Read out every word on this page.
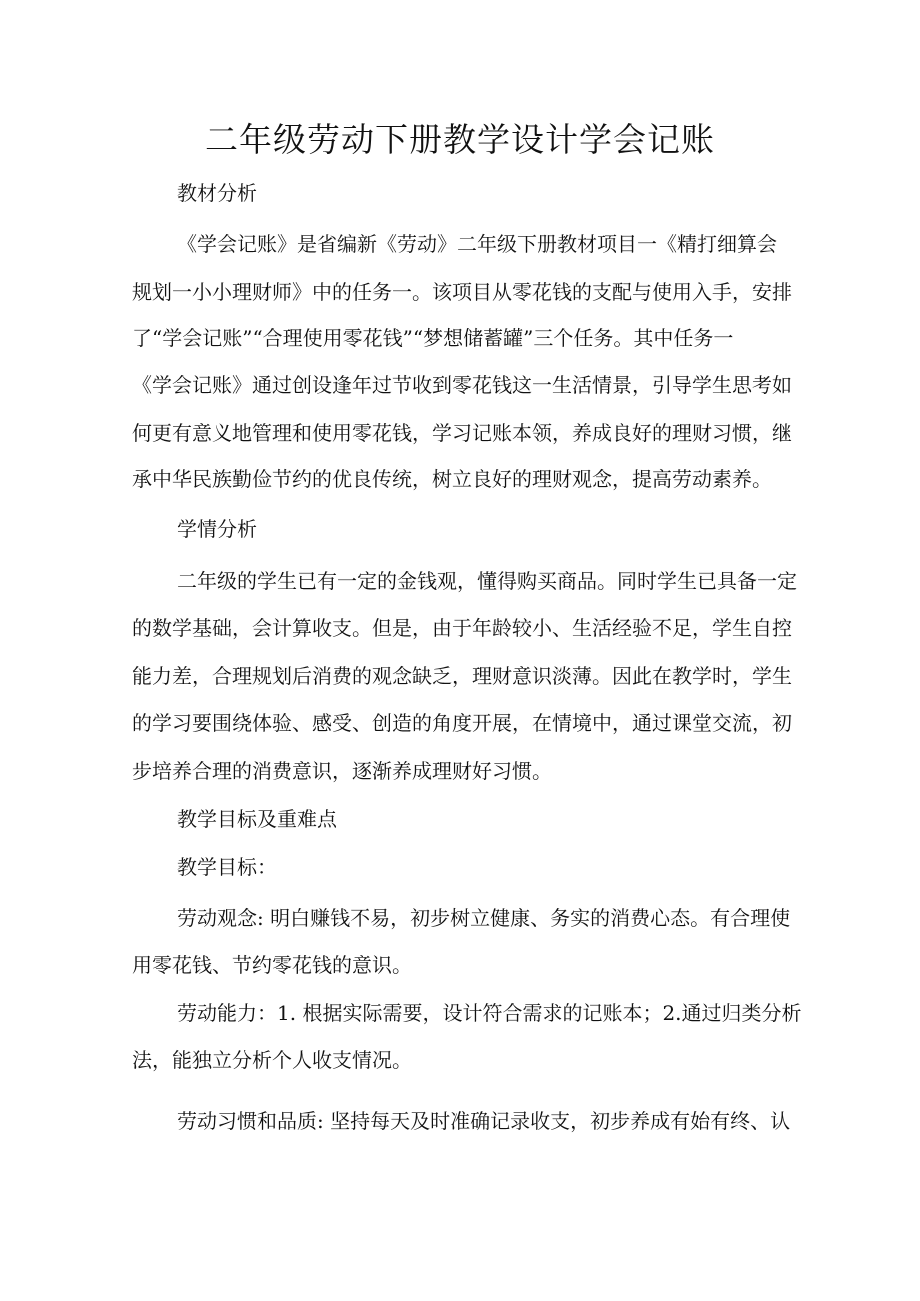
二年级劳动下册教学设计学会记账

教材分析

《学会记账》是省编新《劳动》二年级下册教材项目一《精打细算会

规划一小小理财师》中的任务一。该项目从零花钱的支配与使用入手，安排

了“学会记账”“合理使用零花钱”“梦想储蓄罐”三个任务。其中任务一

《学会记账》通过创设逢年过节收到零花钱这一生活情景，引导学生思考如

何更有意义地管理和使用零花钱，学习记账本领，养成良好的理财习惯，继

承中华民族勤俭节约的优良传统，树立良好的理财观念，提高劳动素养。

学情分析

二年级的学生已有一定的金钱观，懂得购买商品。同时学生已具备一定

的数学基础，会计算收支。但是，由于年龄较小、生活经验不足，学生自控

能力差，合理规划后消费的观念缺乏，理财意识淡薄。因此在教学时，学生

的学习要围绕体验、感受、创造的角度开展，在情境中，通过课堂交流，初

步培养合理的消费意识，逐渐养成理财好习惯。

教学目标及重难点

教学目标：

劳动观念: 明白赚钱不易，初步树立健康、务实的消费心态。有合理使

用零花钱、节约零花钱的意识。

劳动能力：1. 根据实际需要，设计符合需求的记账本；2.通过归类分析

法，能独立分析个人收支情况。

劳动习惯和品质: 坚持每天及时准确记录收支，初步养成有始有终、认
